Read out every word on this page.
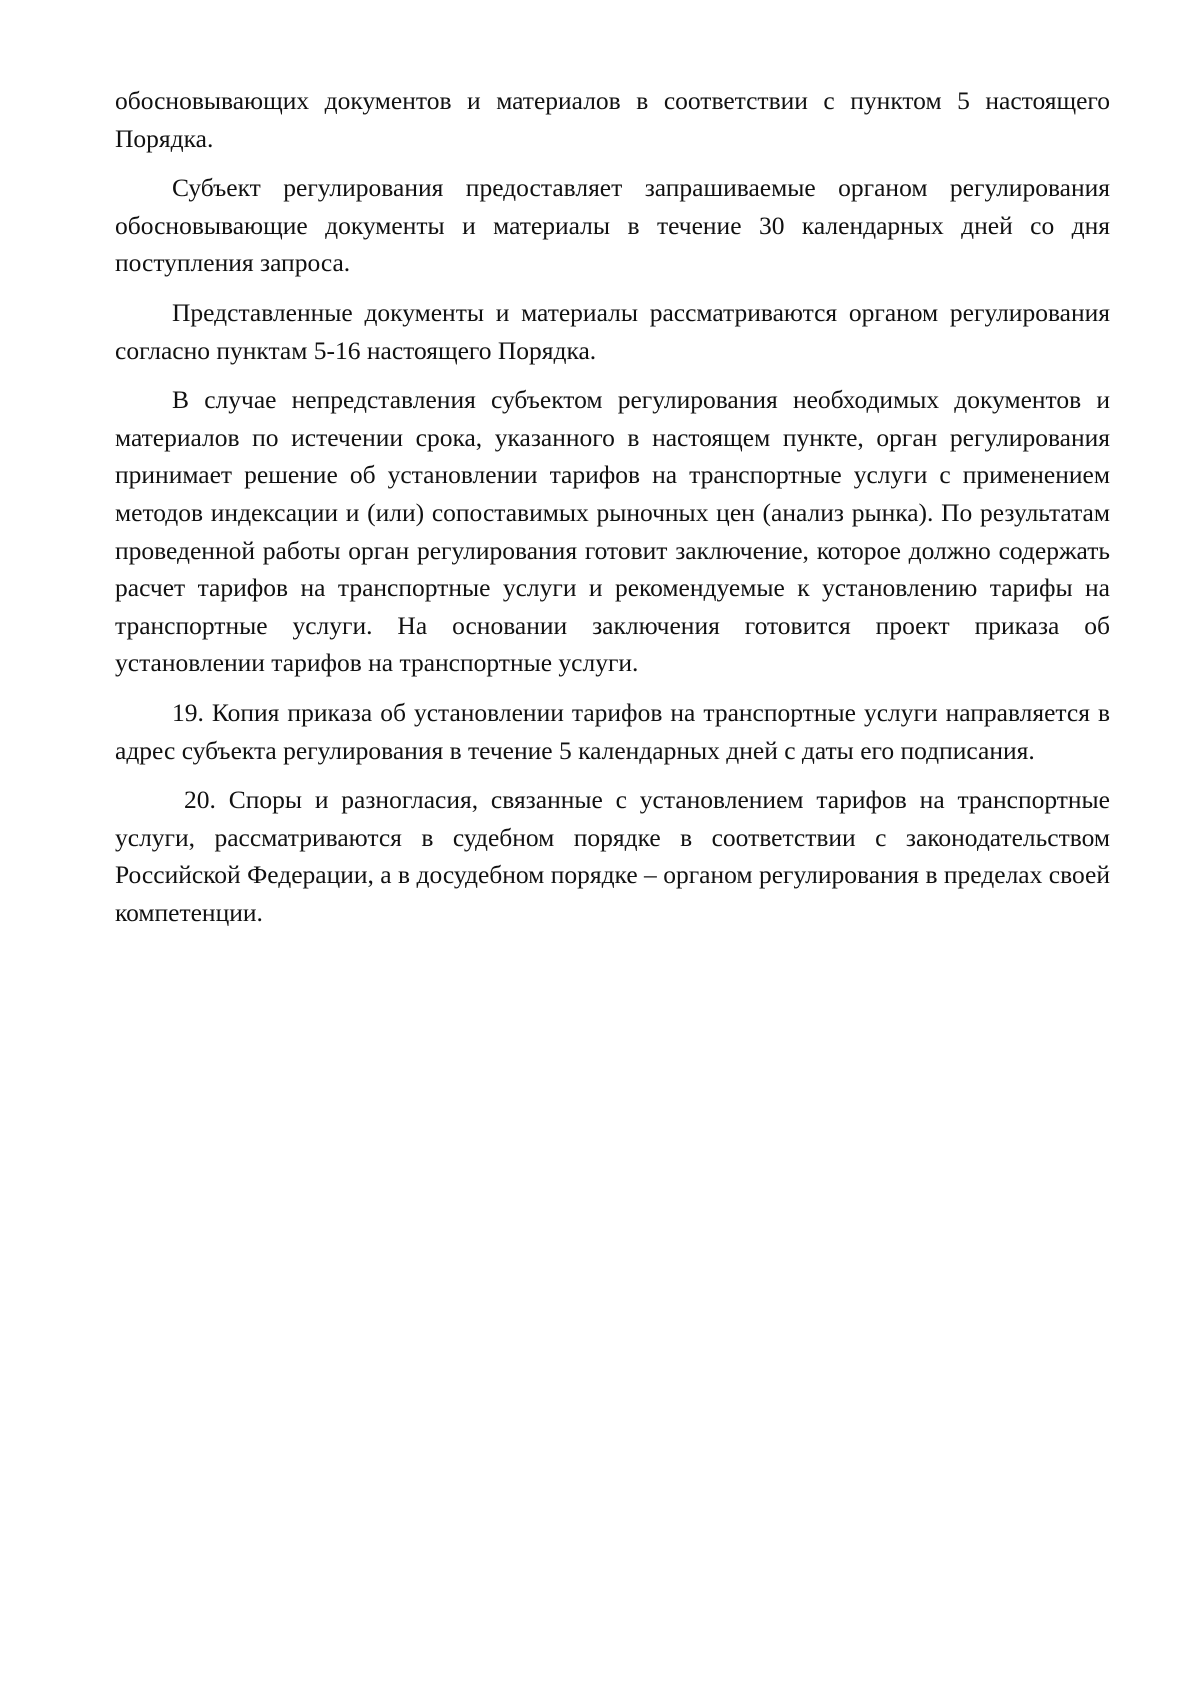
обосновывающих документов и материалов в соответствии с пунктом 5 настоящего Порядка.

Субъект регулирования предоставляет запрашиваемые органом регулирования обосновывающие документы и материалы в течение 30 календарных дней со дня поступления запроса.

Представленные документы и материалы рассматриваются органом регулирования согласно пунктам 5-16 настоящего Порядка.

В случае непредставления субъектом регулирования необходимых документов и материалов по истечении срока, указанного в настоящем пункте, орган регулирования принимает решение об установлении тарифов на транспортные услуги с применением методов индексации и (или) сопоставимых рыночных цен (анализ рынка). По результатам проведенной работы орган регулирования готовит заключение, которое должно содержать расчет тарифов на транспортные услуги и рекомендуемые к установлению тарифы на транспортные услуги. На основании заключения готовится проект приказа об установлении тарифов на транспортные услуги.

19. Копия приказа об установлении тарифов на транспортные услуги направляется в адрес субъекта регулирования в течение 5 календарных дней с даты его подписания.

20. Споры и разногласия, связанные с установлением тарифов на транспортные услуги, рассматриваются в судебном порядке в соответствии с законодательством Российской Федерации, а в досудебном порядке – органом регулирования в пределах своей компетенции.
